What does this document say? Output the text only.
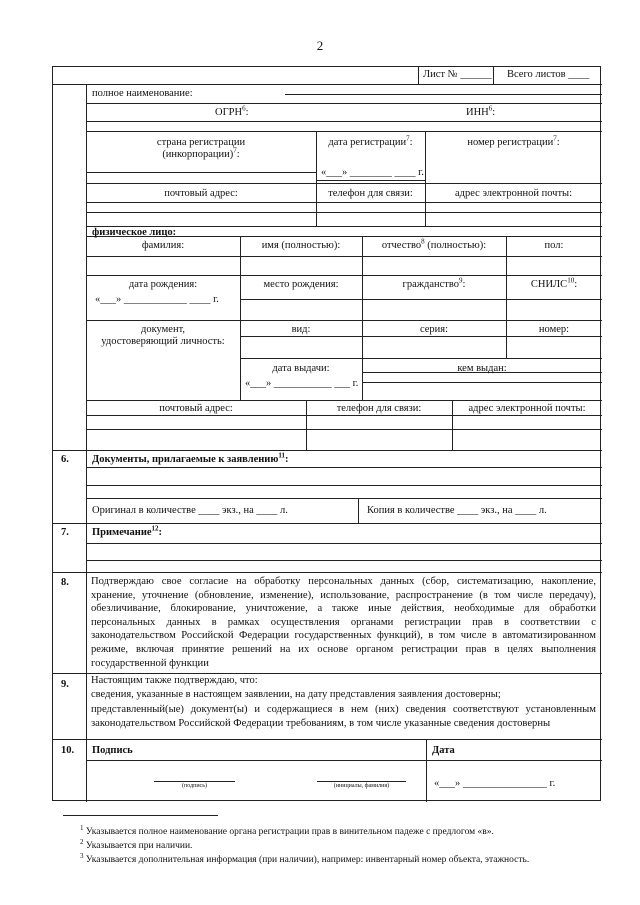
2
Лист № ______ Всего листов ____
полное наименование:
ОГРН$^6$:	ИНН$^6$:
страна регистрации
(инкорпорации)$^7$:
дата регистрации$^7$:	номер регистрации$^7$:
«___» ________ ____ г.
почтовый адрес:	телефон для связи:	адрес электронной почты:
физическое лицо:
фамилия:	имя (полностью):	отчество$^8$ (полностью):	пол:
дата рождения:	место рождения:	гражданство$^9$:	СНИЛС$^{10}$:
«___» ____________ ____ г.
документ,
удостоверяющий личность:
вид:	серия:	номер:
дата выдачи:	кем выдан:
«___» ___________ ___ г.
почтовый адрес:	телефон для связи:	адрес электронной почты:
6. Документы, прилагаемые к заявлению$^{11}$:
Оригинал в количестве ____ экз., на ____ л.	Копия в количестве ____ экз., на ____ л.
7. Примечание$^{12}$:
8. Подтверждаю свое согласие на обработку персональных данных (сбор, систематизацию, накопление, хранение, уточнение (обновление, изменение), использование, распространение (в том числе передачу), обезличивание, блокирование, уничтожение, а также иные действия, необходимые для обработки персональных данных в рамках осуществления органами регистрации прав в соответствии с законодательством Российской Федерации государственных функций), в том числе в автоматизированном режиме, включая принятие решений на их основе органом регистрации прав в целях выполнения государственной функции
9. Настоящим также подтверждаю, что:
сведения, указанные в настоящем заявлении, на дату представления заявления достоверны;
представленный(ые) документ(ы) и содержащиеся в нем (них) сведения соответствуют установленным законодательством Российской Федерации требованиям, в том числе указанные сведения достоверны
10. Подпись	Дата
(подпись)	(инициалы, фамилия)	«___» ________________ г.
$^1$ Указывается полное наименование органа регистрации прав в винительном падеже с предлогом «в».
$^2$ Указывается при наличии.
$^3$ Указывается дополнительная информация (при наличии), например: инвентарный номер объекта, этажность.
